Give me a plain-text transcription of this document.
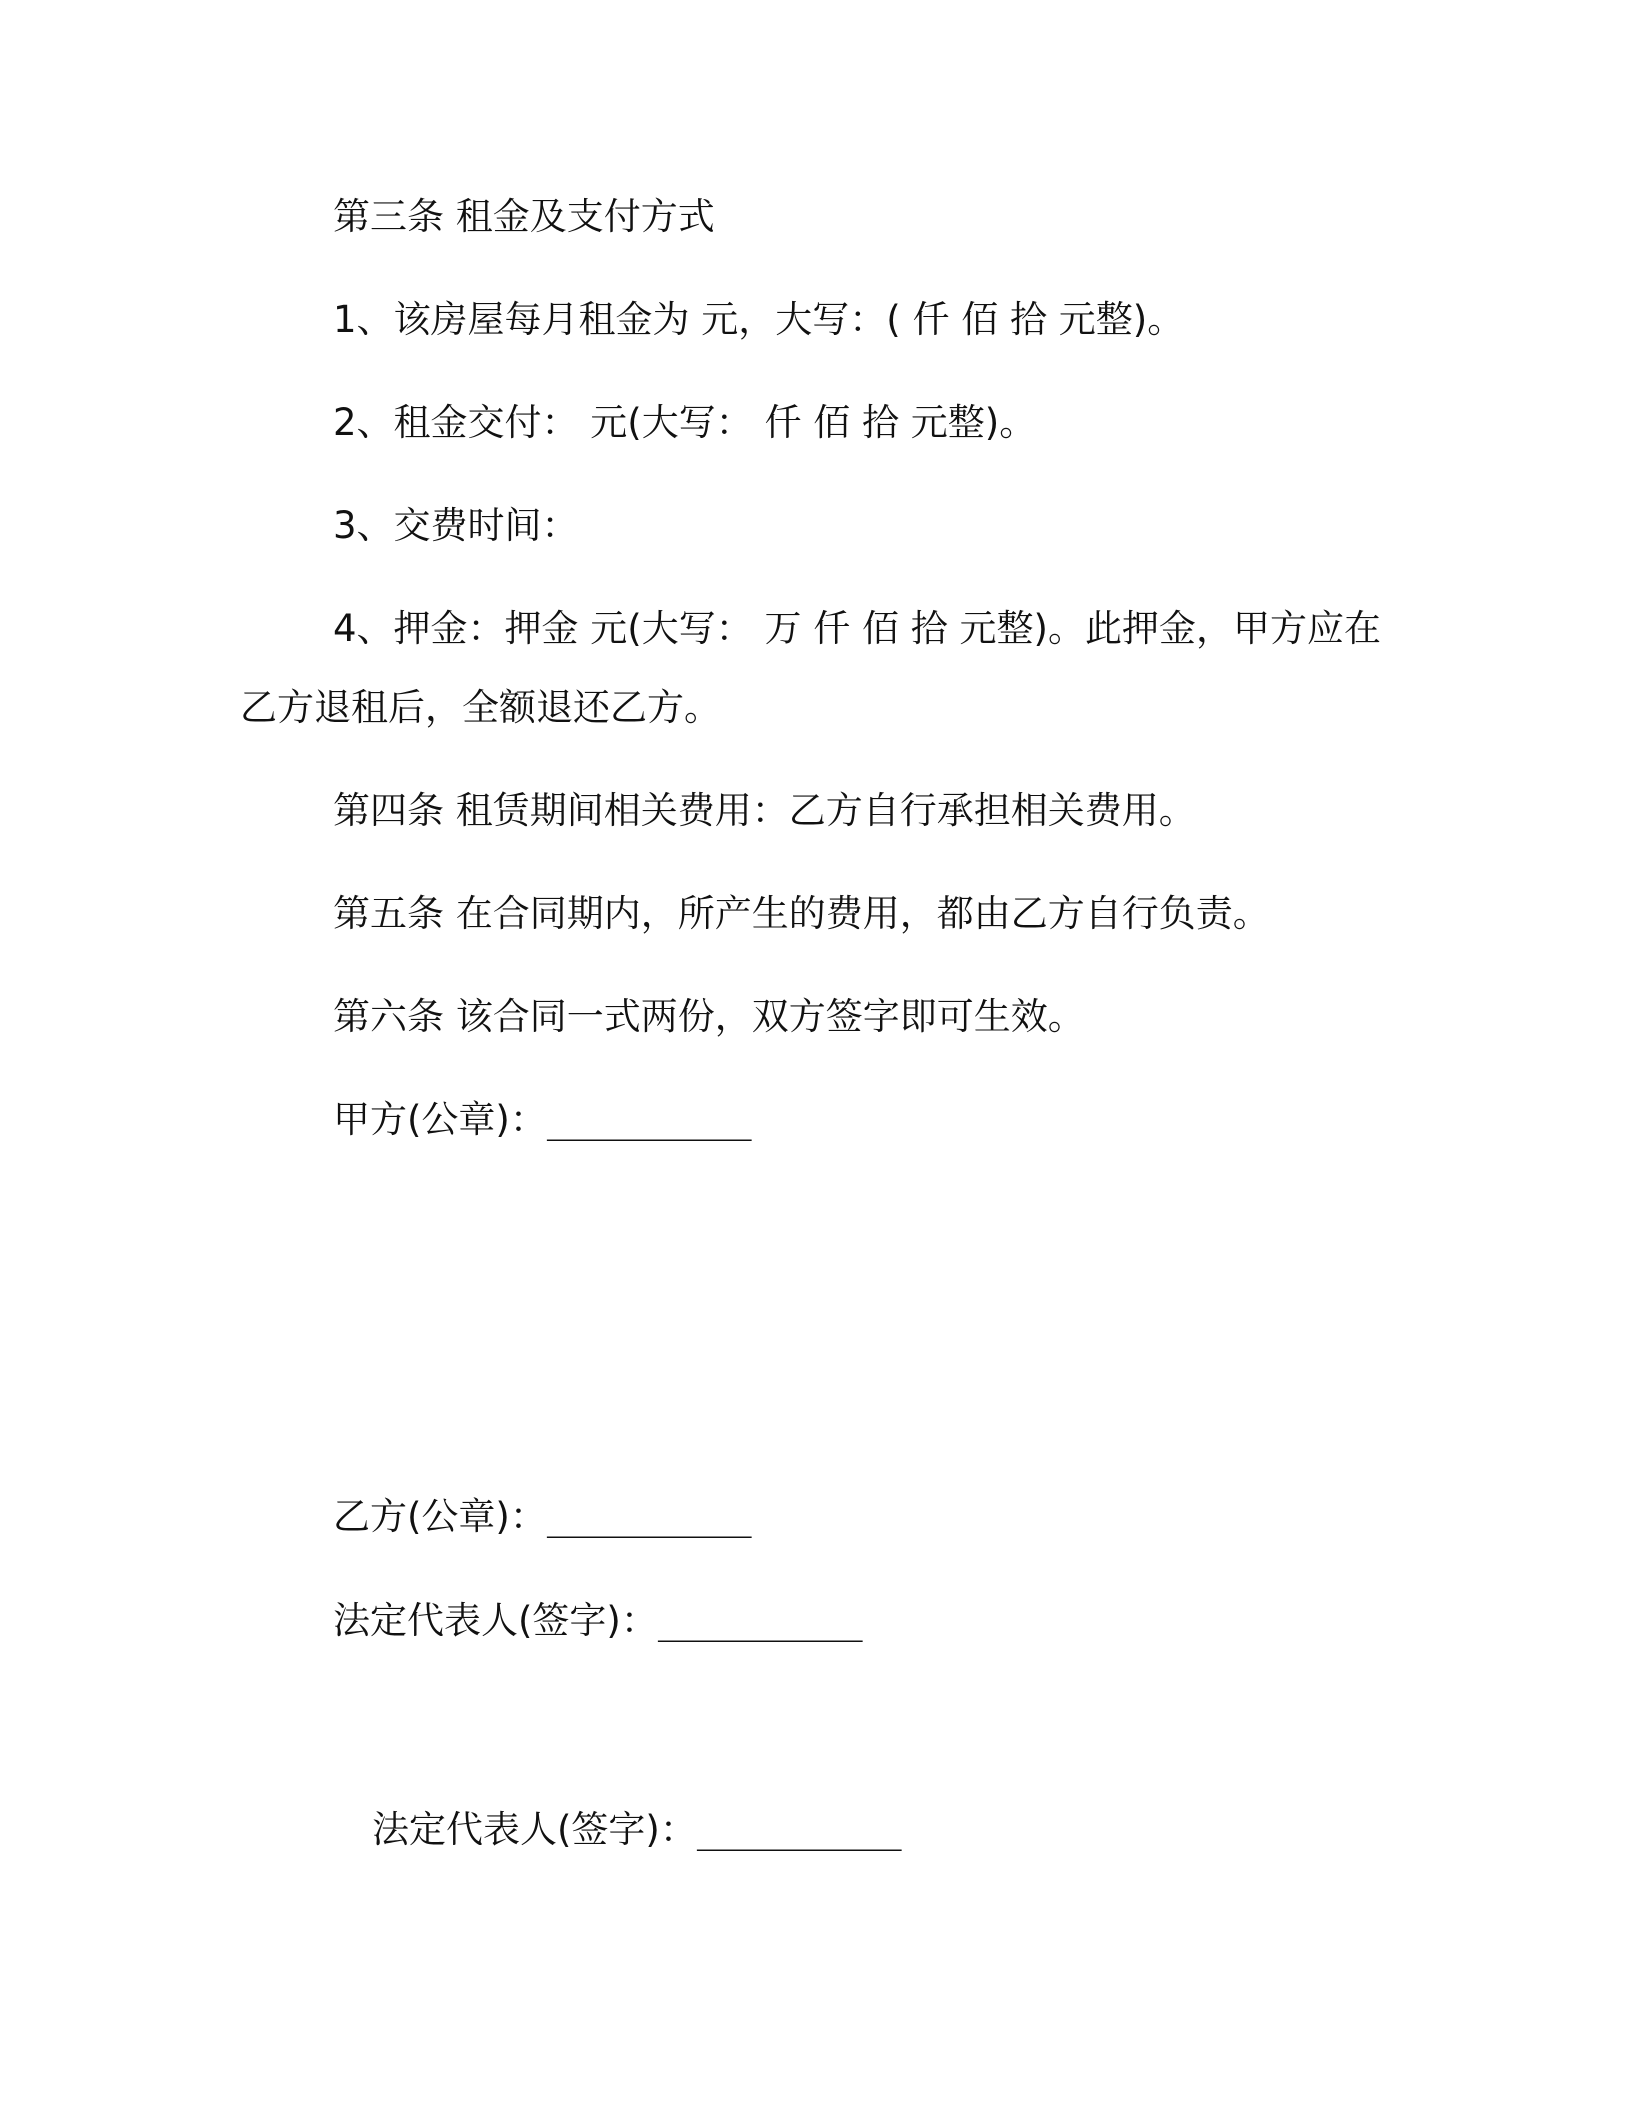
第三条 租金及支付方式
1、该房屋每月租金为 元，大写：( 仟 佰 拾 元整)。
2、租金交付： 元(大写： 仟 佰 拾 元整)。
3、交费时间：
4、押金：押金 元(大写： 万 仟 佰 拾 元整)。此押金，甲方应在
乙方退租后，全额退还乙方。
第四条 租赁期间相关费用：乙方自行承担相关费用。
第五条 在合同期内，所产生的费用，都由乙方自行负责。
第六条 该合同一式两份，双方签字即可生效。
甲方(公章)：__________
乙方(公章)：__________
法定代表人(签字)：__________
法定代表人(签字)：__________
